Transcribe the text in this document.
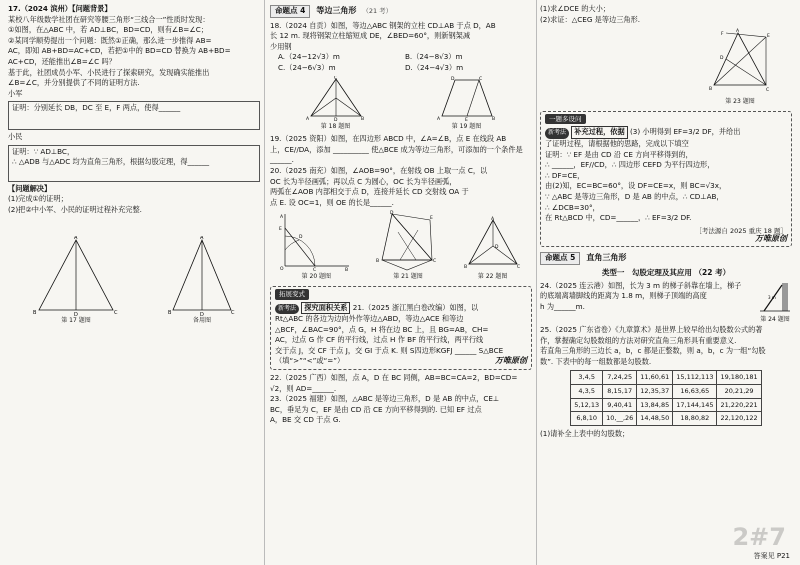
17.（2024 滨州）【问题背景】

某校八年级数学社团在研究等腰三角形“三线合一”性质时发现：

①如图，在△ABC 中，若 AD⊥BC，BD=CD，则有∠B=∠C；

②某同学顺势提出一个问题：既然①正确，那么进一步推得 AB=

AC，即知 AB+BD=AC+CD，若把①中的 BD=CD 替换为 AB+BD=

AC+CD，还能推出∠B=∠C 吗？

基于此，社团成员小军、小民进行了探索研究，发现确实能推出

∠B=∠C，并分别提供了不同的证明方法.

小军

证明：分别延长 DB，DC 至 E，F 两点，使得______

小民

证明：∵ AD⊥BC，

∴ △ADB 与△ADC 均为直角三角形，根据勾股定理，得______

【问题解决】

(1)完成①的证明；

(2)把②中小军、小民的证明过程补充完整.

A
B	C
D
第 17 题图
A
B	C
D
备用图
命题点 4	等边三角形 （21 考）

18.（2024 自贡）如图，等边△ABC 钢架的立柱 CD⊥AB 于点 D，AB

长 12 m. 现将钢架立柱缩短成 DE，∠BED=60°，则新钢架减

少用钢

A.（24−12√3）m	B.（24−8√3）m
C.（24−6√3）m	D.（24−4√3）m
C
A	B
D
第 18 题图
A	B
C
D
E
第 19 题图

19.（2025 资阳）如图，在四边形 ABCD 中，∠A=∠B，点 E 在线段 AB

上，CE//DA，添加 __________ 使△BCE 成为等边三角形，可添加的一个条件是

______.

20.（2025 南充）如图，∠AOB=90°，在射线 OB 上取一点 C，以

OC 长为半径画弧；再以点 C 为圆心，OC 长为半径画弧，

两弧在∠AOB 内部相交于点 D，连接并延长 CD 交射线 OA 于

点 E. 设 OC=1，则 OE 的长是______.

O
A
B
C
E
D
第 20 题图
D
E
B	C
第 21 题图
A
B	C
D
第 22 题图
拓展变式

新考法 探究面积关系 21.（2025 浙江黑白卷改编）如图，以

Rt△ABC 的各边为边向外作等边△ABD，等边△ACE 和等边

△BCF，∠BAC=90°，点 G，H 将在边 BC 上，且 BG=AB，CH=

AC，过点 G 作 CF 的平行线，过点 H 作 BF 的平行线，两平行线

交于点 J，交 CF 于点 J，交 GI 于点 K. 则 S四边形KGFJ ______ S△BCE

（填“>”“<”或“=”）	万唯原创

22.（2025 广西）如图，点 A，D 在 BC 同侧，AB=BC=CA=2，BD=CD=

√2，则 AD=______.

23.（2025 福建）如图，△ABC 是等边三角形，D 是 AB 的中点，CE⊥

BC，垂足为 C，EF 是由 CD 沿 CE 方向平移得到的. 已知 EF 过点

A，BE 交 CD 于点 G.

(1)求∠DCE 的大小；

(2)求证：△CEG 是等边三角形.

A
B	C
D
E
F
第 23 题图
一题多设问

新考法 补充过程，依据 (3) 小明得到 EF=3/2 DF，并给出

了证明过程，请根据他的思路，完成以下填空

证明：∵ EF 是由 CD 沿 CE 方向平移得到的，

∴ ______，EF//CD，∴ 四边形 CEFD 为平行四边形，

∴ DF=CE，

由(2)知，EC=BC=60°，设 DF=CE=x，则 BC=√3x，

∵ △ABC 是等边三角形，D 是 AB 的中点，∴ CD⊥AB，

∴ ∠DCB=30°，

在 Rt△BCD 中，CD=______，∴ EF=3/2 DF.

［考法源自 2025 重庆 18 题］

万唯原创
命题点 5	直角三角形

类型一　勾股定理及其应用 （22 考）

24.（2025 连云港）如图，长为 3 m 的梯子斜靠在墙上，梯子

的底端离墙脚线的距离为 1.8 m，则梯子顶端的高度

h 为______m.

3 m
第 24 题图

25.（2025 广东省卷）《九章算术》是世界上较早给出勾股数公式的著

作，掌握确定勾股数组的方法对研究直角三角形具有重要意义.

若直角三角形的三边长 a，b，c 都是正整数，则 a，b，c 为一组“勾股

数”. 下表中的每一组数都是勾股数.

3,4,5	7,24,25	11,60,61	15,112,113	19,180,181
4,3,5	8,15,17	12,35,37	16,63,65	20,21,29
5,12,13	9,40,41	13,84,85	17,144,145	21,220,221
6,8,10	10,__,26	14,48,50	18,80,82	22,120,122

(1)请补全上表中的勾股数；

2#7
答案见 P21
